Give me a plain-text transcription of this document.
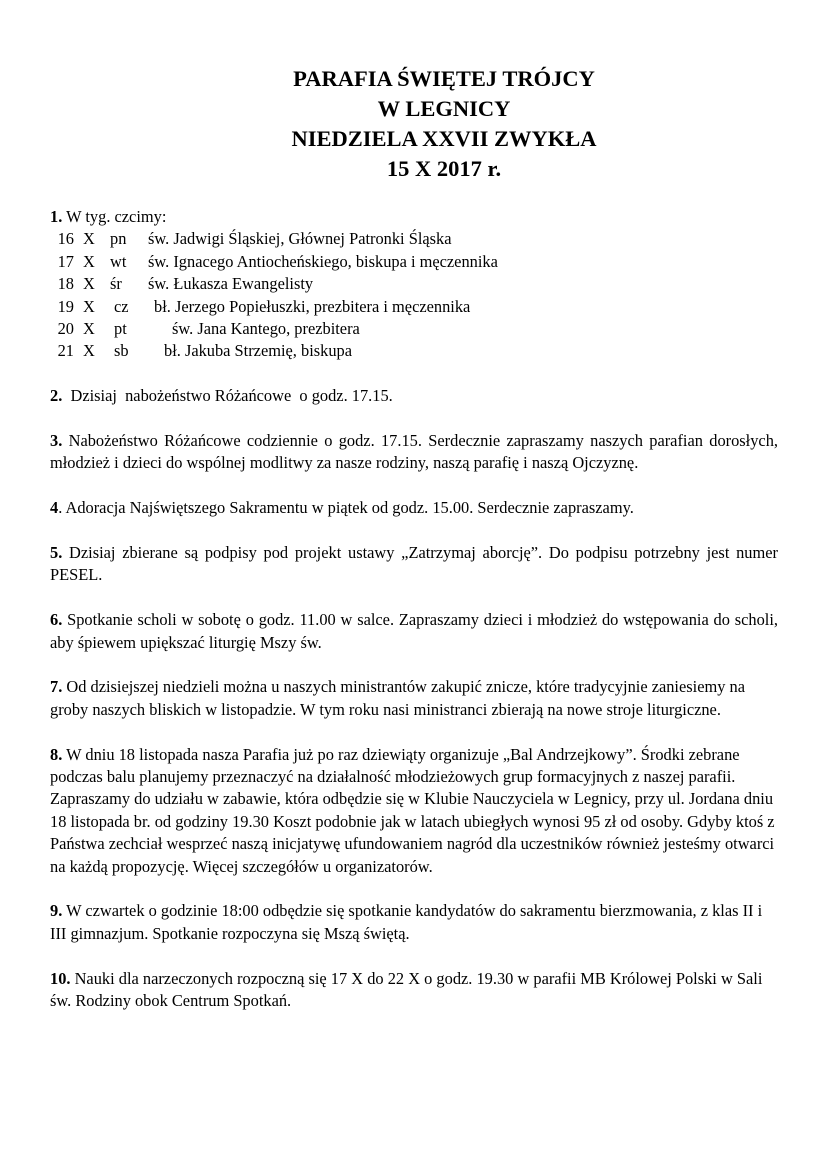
PARAFIA ŚWIĘTEJ TRÓJCY
W LEGNICY
NIEDZIELA XXVII ZWYKŁA
15 X 2017 r.
1. W tyg. czcimy:
16 X pn św. Jadwigi Śląskiej, Głównej Patronki Śląska
17 X wt św. Ignacego Antiocheńskiego, biskupa i męczennika
18 X śr św. Łukasza Ewangelisty
19 X cz bł. Jerzego Popiełuszki, prezbitera i męczennika
20 X pt	św. Jana Kantego, prezbitera
21 X sb bł. Jakuba Strzemię, biskupa

2.  Dzisiaj  nabożeństwo Różańcowe  o godz. 17.15.

3. Nabożeństwo Różańcowe codziennie o godz. 17.15. Serdecznie zapraszamy naszych parafian dorosłych, młodzież i dzieci do wspólnej modlitwy za nasze rodziny, naszą parafię i naszą Ojczyznę.

4. Adoracja Najświętszego Sakramentu w piątek od godz. 15.00. Serdecznie zapraszamy.

5. Dzisiaj zbierane są podpisy pod projekt ustawy „Zatrzymaj aborcję”. Do podpisu potrzebny jest numer PESEL.

6. Spotkanie scholi w sobotę o godz. 11.00 w salce. Zapraszamy dzieci i młodzież do wstępowania do scholi, aby śpiewem upiększać liturgię Mszy św.

7. Od dzisiejszej niedzieli można u naszych ministrantów zakupić znicze, które tradycyjnie zaniesiemy na groby naszych bliskich w listopadzie. W tym roku nasi ministranci zbierają na nowe stroje liturgiczne.

8. W dniu 18 listopada nasza Parafia już po raz dziewiąty organizuje „Bal Andrzejkowy”. Środki zebrane podczas balu planujemy przeznaczyć na działalność młodzieżowych grup formacyjnych z naszej parafii. Zapraszamy do udziału w zabawie, która odbędzie się w Klubie Nauczyciela w Legnicy, przy ul. Jordana dniu 18 listopada br. od godziny 19.30 Koszt podobnie jak w latach ubiegłych wynosi 95 zł od osoby. Gdyby ktoś z Państwa zechciał wesprzeć naszą inicjatywę ufundowaniem nagród dla uczestników również jesteśmy otwarci na każdą propozycję. Więcej szczegółów u organizatorów.

9. W czwartek o godzinie 18:00 odbędzie się spotkanie kandydatów do sakramentu bierzmowania, z klas II i III gimnazjum. Spotkanie rozpoczyna się Mszą świętą.

10. Nauki dla narzeczonych rozpoczną się 17 X do 22 X o godz. 19.30 w parafii MB Królowej Polski w Sali św. Rodziny obok Centrum Spotkań.
